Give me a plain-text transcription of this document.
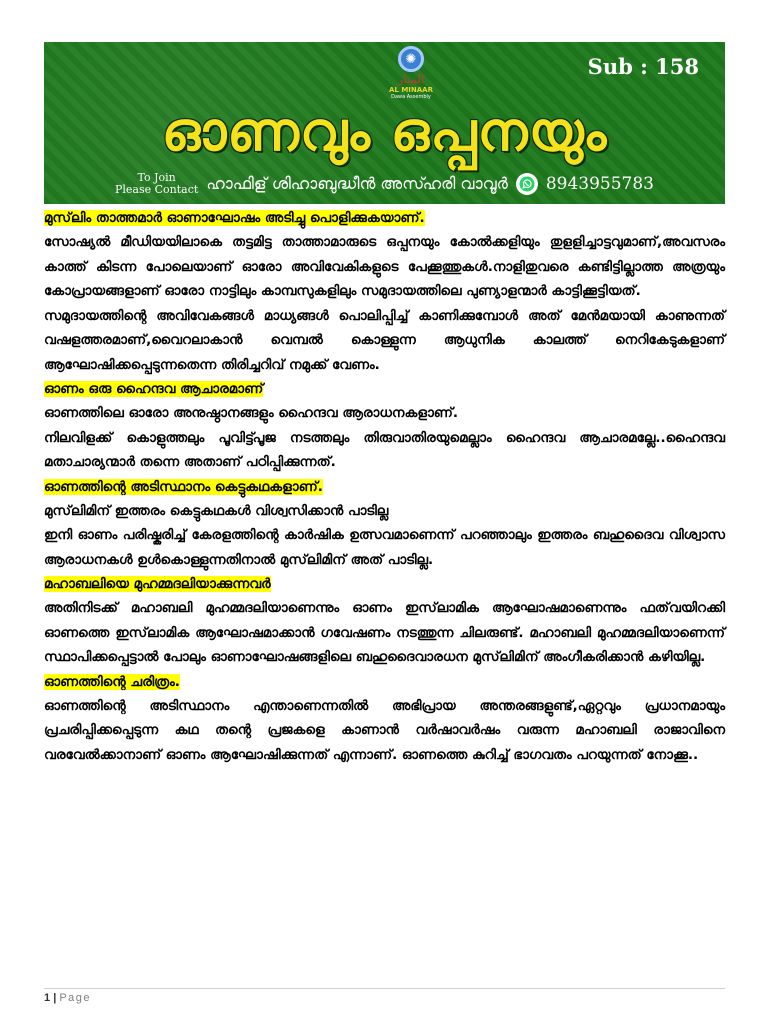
✺
المنار
AL MINAAR
Dawa Assembly
Sub : 158
ഓണവും ഒപ്പനയും
To Join
Please Contact ഹാഫിള് ശിഹാബുദ്ധീൻ അസ്ഹരി വാവൂർ 8943955783
മുസ്‌ലിം താത്തമാർ ഓണാഘോഷം അടിച്ചു പൊളിക്കുകയാണ്.

സോഷ്യൽ മീഡിയയിലാകെ തട്ടമിട്ട താത്താമാരുടെ ഒപ്പനയും കോൽക്കളിയും തുളളിച്ചാട്ടവുമാണ്,അവസരം കാത്ത് കിടന്ന പോലെയാണ് ഓരോ അവിവേകികളുടെ പേക്കൂത്തുകൾ.നാളിതുവരെ കണ്ടിട്ടില്ലാത്ത അത്രയും കോപ്രായങ്ങളാണ് ഓരോ നാട്ടിലും കാമ്പസുകളിലും സമുദായത്തിലെ പുണ്യാളന്മാർ കാട്ടിക്കൂട്ടിയത്.

സമുദായത്തിന്റെ അവിവേകങ്ങൾ മാധ്യങ്ങൾ പൊലിപ്പിച്ച് കാണിക്കുമ്പോൾ അത് മേൻമയായി കാണുന്നത് വഷളത്തരമാണ്,വൈറലാകാൻ വെമ്പൽ കൊള്ളുന്ന ആധുനിക കാലത്ത് നെറികേടുകളാണ് ആഘോഷിക്കപ്പെടുന്നതെന്ന തിരിച്ചറിവ് നമുക്ക് വേണം.

ഓണം ഒരു ഹൈന്ദവ ആചാരമാണ്

ഓണത്തിലെ ഓരോ അനുഷ്ഠാനങ്ങളും ഹൈന്ദവ ആരാധനകളാണ്.

നിലവിളക്ക് കൊളുത്തലും പൂവിട്ട്പൂജ നടത്തലും തിരുവാതിരയുമെല്ലാം ഹൈന്ദവ ആചാരമല്ലേ..ഹൈന്ദവ മതാചാര്യന്മാർ തന്നെ അതാണ് പഠിപ്പിക്കുന്നത്.

ഓണത്തിന്റെ അടിസ്ഥാനം കെട്ടുകഥകളാണ്.

മുസ്‌ലിമിന് ഇത്തരം കെട്ടുകഥകൾ വിശ്വസിക്കാൻ പാടില്ല

ഇനി ഓണം പരിഷ്കരിച്ച് കേരളത്തിന്റെ കാർഷിക ഉത്സവമാണെന്ന് പറഞ്ഞാലും ഇത്തരം ബഹുദൈവ വിശ്വാസ ആരാധനകൾ ഉൾകൊള്ളുന്നതിനാൽ മുസ്‌ലിമിന് അത് പാടില്ല.

മഹാബലിയെ മുഹമ്മദലിയാക്കുന്നവർ

അതിനിടക്ക് മഹാബലി മുഹമ്മദലിയാണെന്നും ഓണം ഇസ്‌ലാമിക ആഘോഷമാണെന്നും ഫത്‌വയിറക്കി ഓണത്തെ ഇസ്‌ലാമിക ആഘോഷമാക്കാൻ ഗവേഷണം നടത്തുന്ന ചിലരുണ്ട്. മഹാബലി മുഹമ്മദലിയാണെന്ന് സ്ഥാപിക്കപ്പെട്ടാൽ പോലും ഓണാഘോഷങ്ങളിലെ ബഹുദൈവാരധന മുസ്‌ലിമിന് അംഗീകരിക്കാൻ കഴിയില്ല.

ഓണത്തിന്റെ ചരിത്രം.

ഓണത്തിന്റെ അടിസ്ഥാനം എന്താണെന്നതിൽ അഭിപ്രായ അന്തരങ്ങളുണ്ട്,ഏറ്റവും പ്രധാനമായും പ്രചരിപ്പിക്കപ്പെടുന്ന കഥ തന്റെ പ്രജകളെ കാണാൻ വർഷാവർഷം വരുന്ന മഹാബലി രാജാവിനെ വരവേൽക്കാനാണ് ഓണം ആഘോഷിക്കുന്നത് എന്നാണ്. ഓണത്തെ കുറിച്ച് ഭാഗവതം പറയുന്നത് നോക്കൂ..

1 | Page
